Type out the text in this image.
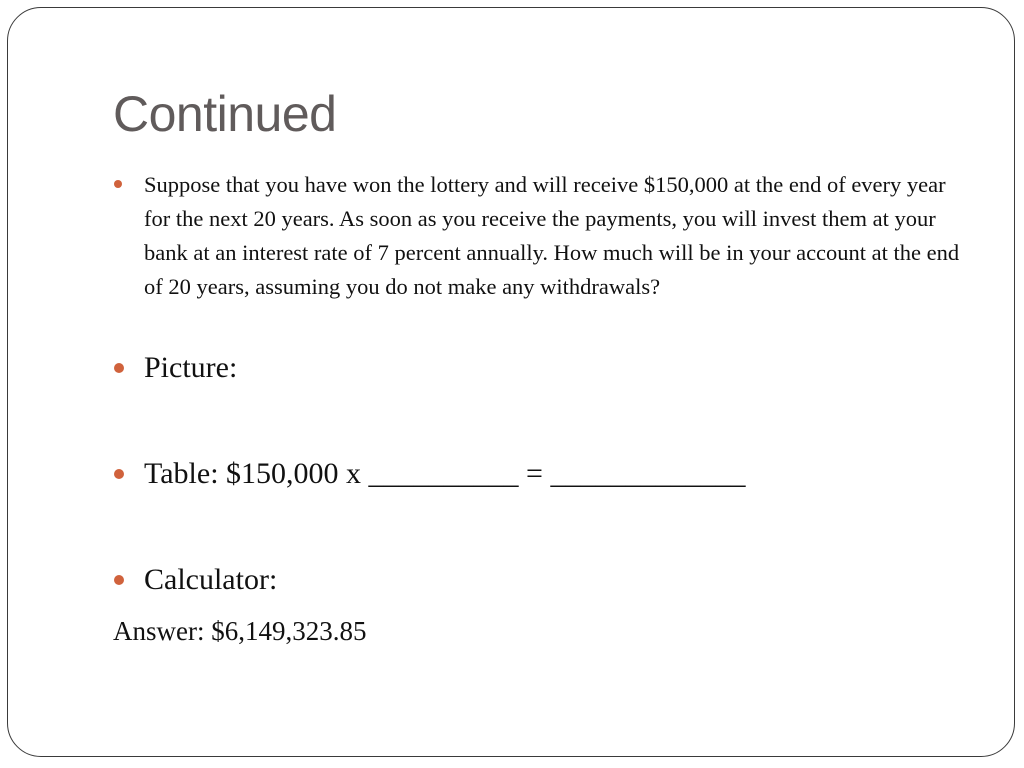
Continued
Suppose that you have won the lottery and will receive $150,000 at the end of every year for the next 20 years. As soon as you receive the payments, you will invest them at your bank at an interest rate of 7 percent annually. How much will be in your account at the end of 20 years, assuming you do not make any withdrawals?
Picture:
Table: $150,000 x __________ = _____________
Calculator:
Answer: $6,149,323.85
